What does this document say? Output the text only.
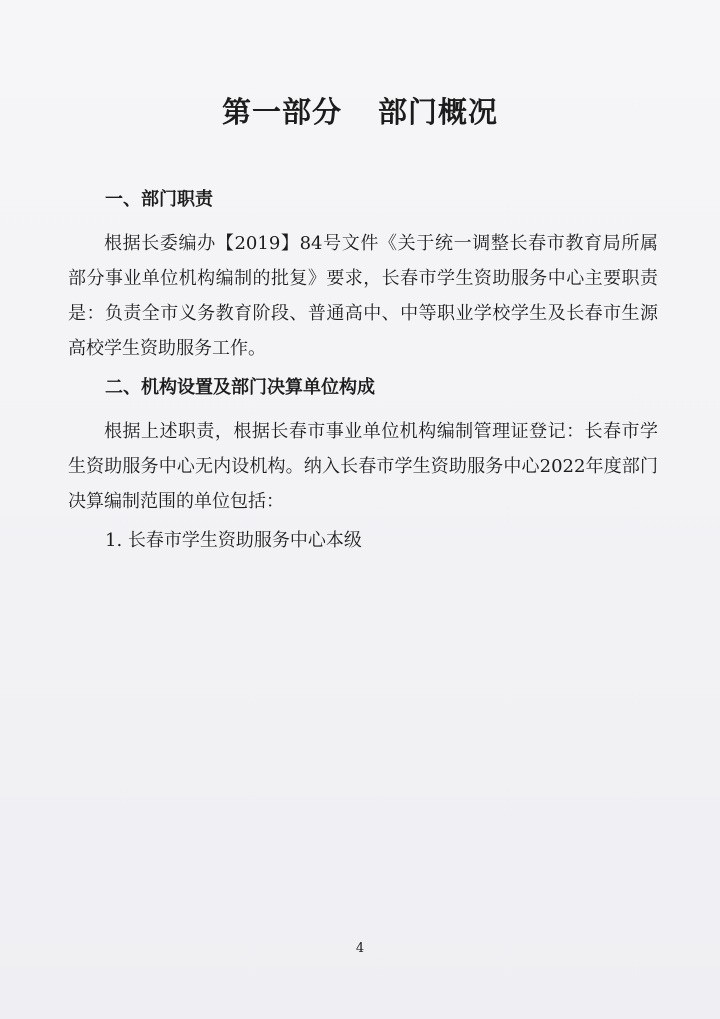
第一部分 部门概况
一、部门职责

根据长委编办【2019】84号文件《关于统一调整长春市教育局所属部分事业单位机构编制的批复》要求，长春市学生资助服务中心主要职责是：负责全市义务教育阶段、普通高中、中等职业学校学生及长春市生源高校学生资助服务工作。

二、机构设置及部门决算单位构成

根据上述职责，根据长春市事业单位机构编制管理证登记：长春市学生资助服务中心无内设机构。纳入长春市学生资助服务中心2022年度部门决算编制范围的单位包括：

1. 长春市学生资助服务中心本级
4
